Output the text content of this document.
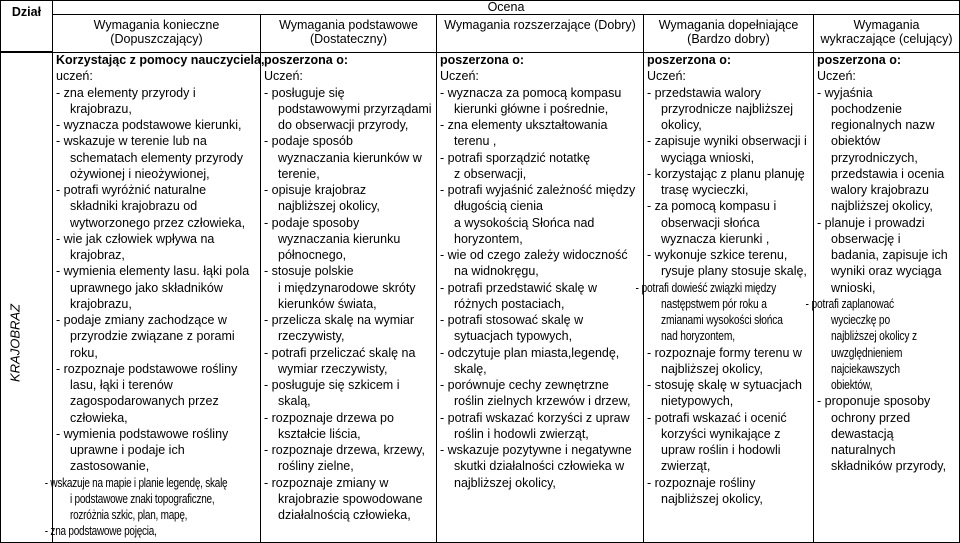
Dział	Ocena
Wymagania konieczne
(Dopuszczający)
Wymagania podstawowe
(Dostateczny)
Wymagania rozszerzające (Dobry)	Wymagania dopełniające
(Bardzo dobry)
Wymagania
wykraczające (celujący)
KRAJOBRAZ
Korzystając z pomocy nauczyciela,
uczeń:
- zna elementy przyrody i
krajobrazu,
- wyznacza podstawowe kierunki,
- wskazuje w terenie lub na
schematach elementy przyrody
ożywionej i nieożywionej,
- potrafi wyróżnić naturalne
składniki krajobrazu od
wytworzonego przez człowieka,
- wie jak człowiek wpływa na
krajobraz,
- wymienia elementy lasu. łąki pola
uprawnego jako składników
krajobrazu,
- podaje zmiany zachodzące w
przyrodzie związane z porami
roku,
- rozpoznaje podstawowe rośliny
lasu, łąki i terenów
zagospodarowanych przez
człowieka,
- wymienia podstawowe rośliny
uprawne i podaje ich
zastosowanie,
- wskazuje na mapie i planie legendę, skalę
i podstawowe znaki topograficzne,
rozróżnia szkic, plan, mapę,
- zna podstawowe pojęcia,
poszerzona o:
Uczeń:
- posługuje się
podstawowymi przyrządami
do obserwacji przyrody,
- podaje sposób
wyznaczania kierunków w
terenie,
- opisuje krajobraz
najbliższej okolicy,
- podaje sposoby
wyznaczania kierunku
północnego,
- stosuje polskie
i międzynarodowe skróty
kierunków świata,
- przelicza skalę na wymiar
rzeczywisty,
- potrafi przeliczać skalę na
wymiar rzeczywisty,
- posługuje się szkicem i
skalą,
- rozpoznaje drzewa po
kształcie liścia,
- rozpoznaje drzewa, krzewy,
rośliny zielne,
- rozpoznaje zmiany w
krajobrazie spowodowane
działalnością człowieka,
poszerzona o:
Uczeń:
- wyznacza za pomocą kompasu
kierunki główne i pośrednie,
- zna elementy ukształtowania
terenu ,
- potrafi sporządzić notatkę
z obserwacji,
- potrafi wyjaśnić zależność między
długością cienia
a wysokością Słońca nad
horyzontem,
- wie od czego zależy widoczność
na widnokręgu,
- potrafi przedstawić skalę w
różnych postaciach,
- potrafi stosować skalę w
sytuacjach typowych,
- odczytuje plan miasta,legendę,
skalę,
- porównuje cechy zewnętrzne
roślin zielnych krzewów i drzew,
- potrafi wskazać korzyści z upraw
roślin i hodowli zwierząt,
- wskazuje pozytywne i negatywne
skutki działalności człowieka w
najbliższej okolicy,
poszerzona o:
Uczeń:
- przedstawia walory
przyrodnicze najbliższej
okolicy,
- zapisuje wyniki obserwacji i
wyciąga wnioski,
- korzystając z planu planuję
trasę wycieczki,
- za pomocą kompasu i
obserwacji słońca
wyznacza kierunki ,
- wykonuje szkice terenu,
rysuje plany stosuje skalę,
- potrafi dowieść związki między
następstwem pór roku a
zmianami wysokości słońca
nad horyzontem,
- rozpoznaje formy terenu w
najbliższej okolicy,
- stosuję skalę w sytuacjach
nietypowych,
- potrafi wskazać i ocenić
korzyści wynikające z
upraw roślin i hodowli
zwierząt,
- rozpoznaje rośliny
najbliższej okolicy,
poszerzona o:
Uczeń:
- wyjaśnia
pochodzenie
regionalnych nazw
obiektów
przyrodniczych,
przedstawia i ocenia
walory krajobrazu
najbliższej okolicy,
- planuje i prowadzi
obserwację i
badania, zapisuje ich
wyniki oraz wyciąga
wnioski,
- potrafi zaplanować
wycieczkę po
najbliższej okolicy z
uwzględnieniem
najciekawszych
obiektów,
- proponuje sposoby
ochrony przed
dewastacją
naturalnych
składników przyrody,
